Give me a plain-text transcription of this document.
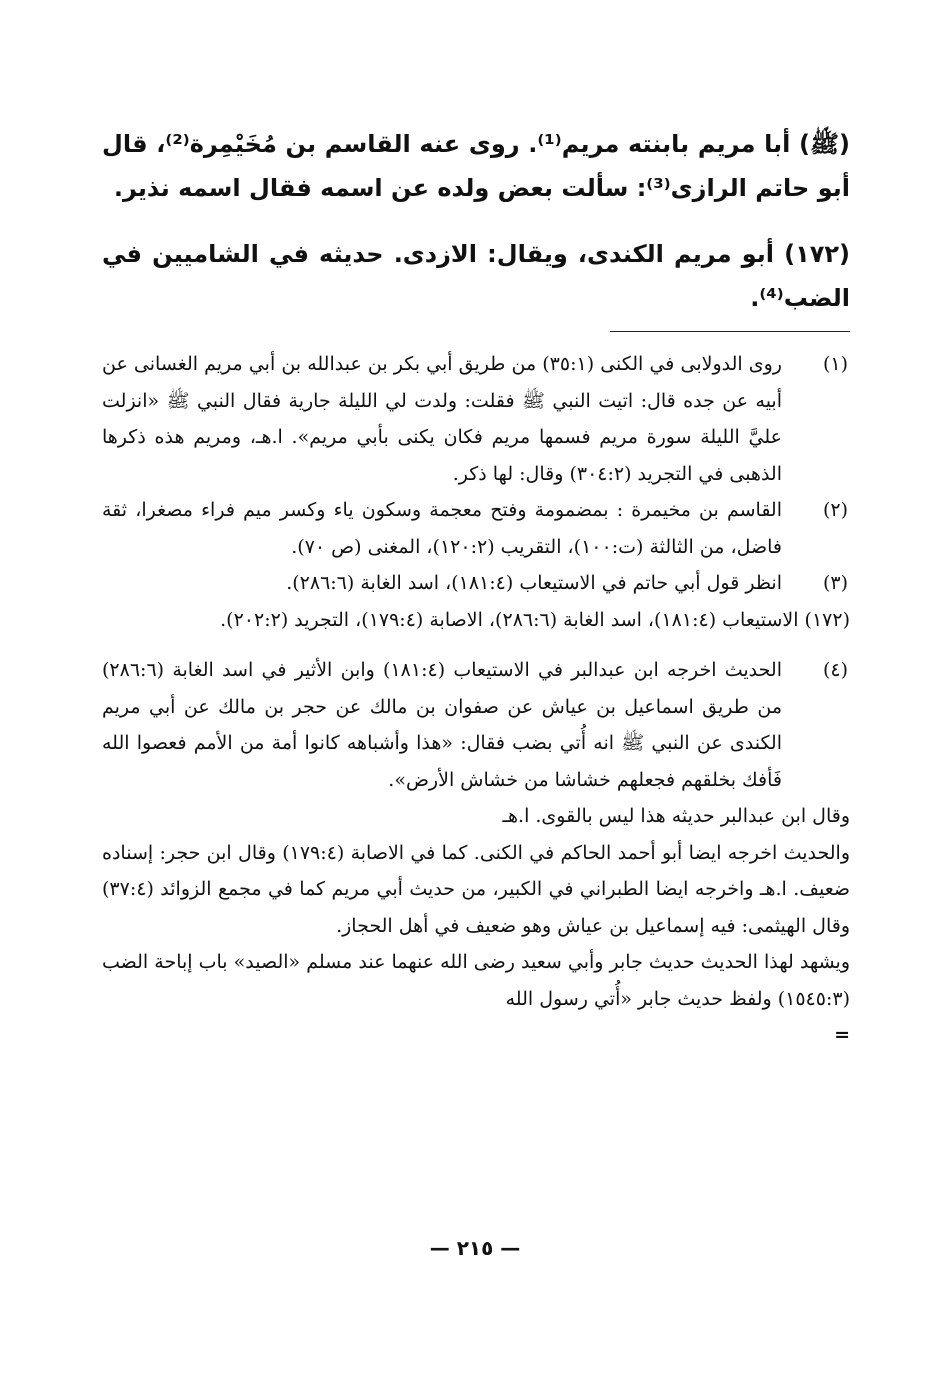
(ﷺ) أبا مريم بابنته مريم⁽¹⁾. روى عنه القاسم بن مُخَيْمِرة⁽²⁾، قال أبو حاتم الرازى⁽³⁾: سألت بعض ولده عن اسمه فقال اسمه نذير.

(١٧٢) أبو مريم الكندى، ويقال: الازدى. حديثه في الشاميين في الضب⁽⁴⁾.

(١)
روى الدولابى في الكنى (٣٥:١) من طريق أبي بكر بن عبدالله بن أبي مريم الغسانى عن أبيه عن جده قال: اتيت النبي ﷺ فقلت: ولدت لي الليلة جارية فقال النبي ﷺ «انزلت عليَّ الليلة سورة مريم فسمها مريم فكان يكنى بأبي مريم». ا.هـ، ومريم هذه ذكرها الذهبى في التجريد (٣٠٤:٢) وقال: لها ذكر.
(٢)
القاسم بن مخيمرة : بمضمومة وفتح معجمة وسكون ياء وكسر ميم فراء مصغرا، ثقة فاضل، من الثالثة (ت:١٠٠)، التقريب (١٢٠:٢)، المغنى (ص ٧٠).
(٣)
انظر قول أبي حاتم في الاستيعاب (١٨١:٤)، اسد الغابة (٢٨٦:٦).
(١٧٢) الاستيعاب (١٨١:٤)، اسد الغابة (٢٨٦:٦)، الاصابة (١٧٩:٤)، التجريد (٢٠٢:٢).
(٤)
الحديث اخرجه ابن عبدالبر في الاستيعاب (١٨١:٤) وابن الأثير في اسد الغابة (٢٨٦:٦) من طريق اسماعيل بن عياش عن صفوان بن مالك عن حجر بن مالك عن أبي مريم الكندى عن النبي ﷺ انه أُتي بضب فقال: «هذا وأشباهه كانوا أمة من الأمم فعصوا الله فَأفك بخلقهم فجعلهم خشاشا من خشاش الأرض».
وقال ابن عبدالبر حديثه هذا ليس بالقوى. ا.هـ
والحديث اخرجه ايضا أبو أحمد الحاكم في الكنى. كما في الاصابة (١٧٩:٤) وقال ابن حجر: إسناده ضعيف. ا.هـ واخرجه ايضا الطبراني في الكبير، من حديث أبي مريم كما في مجمع الزوائد (٣٧:٤) وقال الهيثمى: فيه إسماعيل بن عياش وهو ضعيف في أهل الحجاز.
ويشهد لهذا الحديث حديث جابر وأبي سعيد رضى الله عنهما عند مسلم «الصيد» باب إباحة الضب (١٥٤٥:٣) ولفظ حديث جابر «أُتي رسول الله
=
— ٢١٥ —
